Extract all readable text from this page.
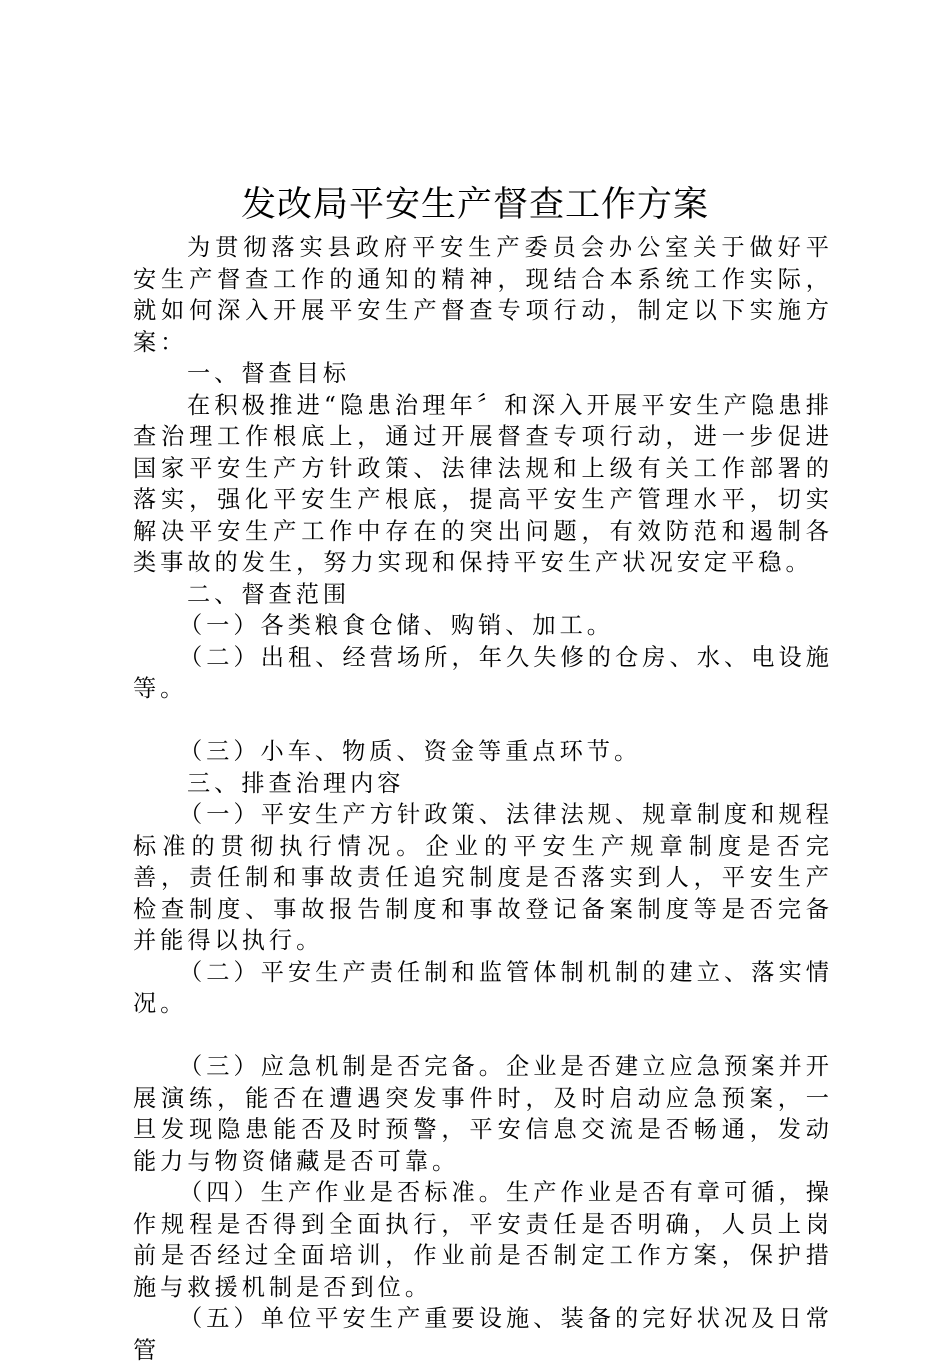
发改局平安生产督查工作方案

为贯彻落实县政府平安生产委员会办公室关于做好平安生产督查工作的通知的精神，现结合本系统工作实际，就如何深入开展平安生产督查专项行动，制定以下实施方案：

一、督查目标

在积极推进“隐患治理年〞和深入开展平安生产隐患排查治理工作根底上，通过开展督查专项行动，进一步促进国家平安生产方针政策、法律法规和上级有关工作部署的落实，强化平安生产根底，提高平安生产管理水平，切实解决平安生产工作中存在的突出问题，有效防范和遏制各类事故的发生，努力实现和保持平安生产状况安定平稳。

二、督查范围

（一）各类粮食仓储、购销、加工。

（二）出租、经营场所，年久失修的仓房、水、电设施等。

（三）小车、物质、资金等重点环节。

三、排查治理内容

（一）平安生产方针政策、法律法规、规章制度和规程标准的贯彻执行情况。企业的平安生产规章制度是否完善，责任制和事故责任追究制度是否落实到人，平安生产检查制度、事故报告制度和事故登记备案制度等是否完备并能得以执行。

（二）平安生产责任制和监管体制机制的建立、落实情况。

（三）应急机制是否完备。企业是否建立应急预案并开展演练，能否在遭遇突发事件时，及时启动应急预案，一旦发现隐患能否及时预警，平安信息交流是否畅通，发动能力与物资储藏是否可靠。

（四）生产作业是否标准。生产作业是否有章可循，操作规程是否得到全面执行，平安责任是否明确，人员上岗前是否经过全面培训，作业前是否制定工作方案，保护措施与救援机制是否到位。

（五）单位平安生产重要设施、装备的完好状况及日常管
